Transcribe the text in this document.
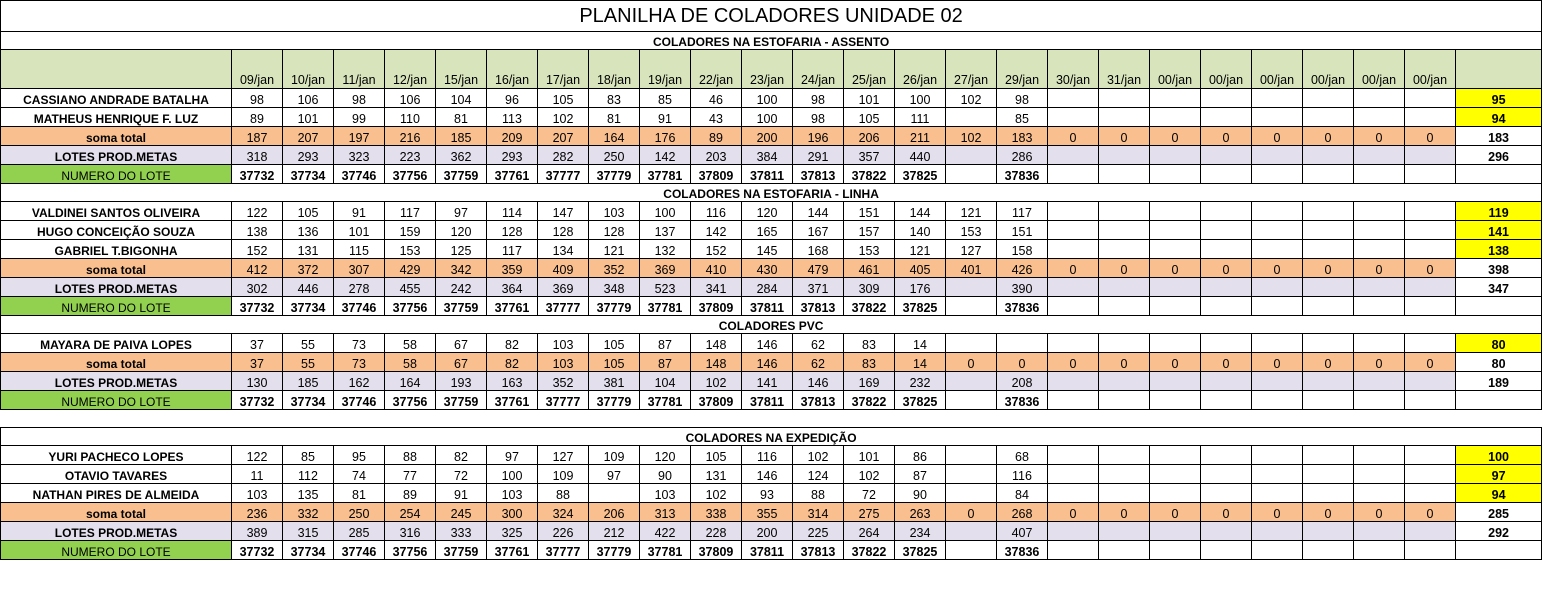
PLANILHA DE COLADORES UNIDADE 02																									
COLADORES NA ESTOFARIA - ASSENTO																									
	09/jan	10/jan	11/jan	12/jan	15/jan	16/jan	17/jan	18/jan	19/jan	22/jan	23/jan	24/jan	25/jan	26/jan	27/jan	29/jan	30/jan	31/jan	00/jan	00/jan	00/jan	00/jan	00/jan	00/jan	
CASSIANO ANDRADE BATALHA	98	106	98	106	104	96	105	83	85	46	100	98	101	100	102	98									95
MATHEUS HENRIQUE F. LUZ	89	101	99	110	81	113	102	81	91	43	100	98	105	111		85									94
soma total	187	207	197	216	185	209	207	164	176	89	200	196	206	211	102	183	0	0	0	0	0	0	0	0	183
LOTES PROD.METAS	318	293	323	223	362	293	282	250	142	203	384	291	357	440		286									296
NUMERO DO LOTE	37732	37734	37746	37756	37759	37761	37777	37779	37781	37809	37811	37813	37822	37825		37836									
COLADORES NA ESTOFARIA - LINHA																									
VALDINEI SANTOS OLIVEIRA	122	105	91	117	97	114	147	103	100	116	120	144	151	144	121	117									119
HUGO CONCEIÇÃO SOUZA	138	136	101	159	120	128	128	128	137	142	165	167	157	140	153	151									141
GABRIEL T.BIGONHA	152	131	115	153	125	117	134	121	132	152	145	168	153	121	127	158									138
soma total	412	372	307	429	342	359	409	352	369	410	430	479	461	405	401	426	0	0	0	0	0	0	0	0	398
LOTES PROD.METAS	302	446	278	455	242	364	369	348	523	341	284	371	309	176		390									347
NUMERO DO LOTE	37732	37734	37746	37756	37759	37761	37777	37779	37781	37809	37811	37813	37822	37825		37836									
COLADORES PVC																									
MAYARA DE PAIVA LOPES	37	55	73	58	67	82	103	105	87	148	146	62	83	14											80
soma total	37	55	73	58	67	82	103	105	87	148	146	62	83	14	0	0	0	0	0	0	0	0	0	0	80
LOTES PROD.METAS	130	185	162	164	193	163	352	381	104	102	141	146	169	232		208									189
NUMERO DO LOTE	37732	37734	37746	37756	37759	37761	37777	37779	37781	37809	37811	37813	37822	37825		37836									

COLADORES NA EXPEDIÇÃO																									
YURI PACHECO LOPES	122	85	95	88	82	97	127	109	120	105	116	102	101	86		68									100
OTAVIO TAVARES	11	112	74	77	72	100	109	97	90	131	146	124	102	87		116									97
NATHAN PIRES DE ALMEIDA	103	135	81	89	91	103	88		103	102	93	88	72	90		84									94
soma total	236	332	250	254	245	300	324	206	313	338	355	314	275	263	0	268	0	0	0	0	0	0	0	0	285
LOTES PROD.METAS	389	315	285	316	333	325	226	212	422	228	200	225	264	234		407									292
NUMERO DO LOTE	37732	37734	37746	37756	37759	37761	37777	37779	37781	37809	37811	37813	37822	37825		37836									
